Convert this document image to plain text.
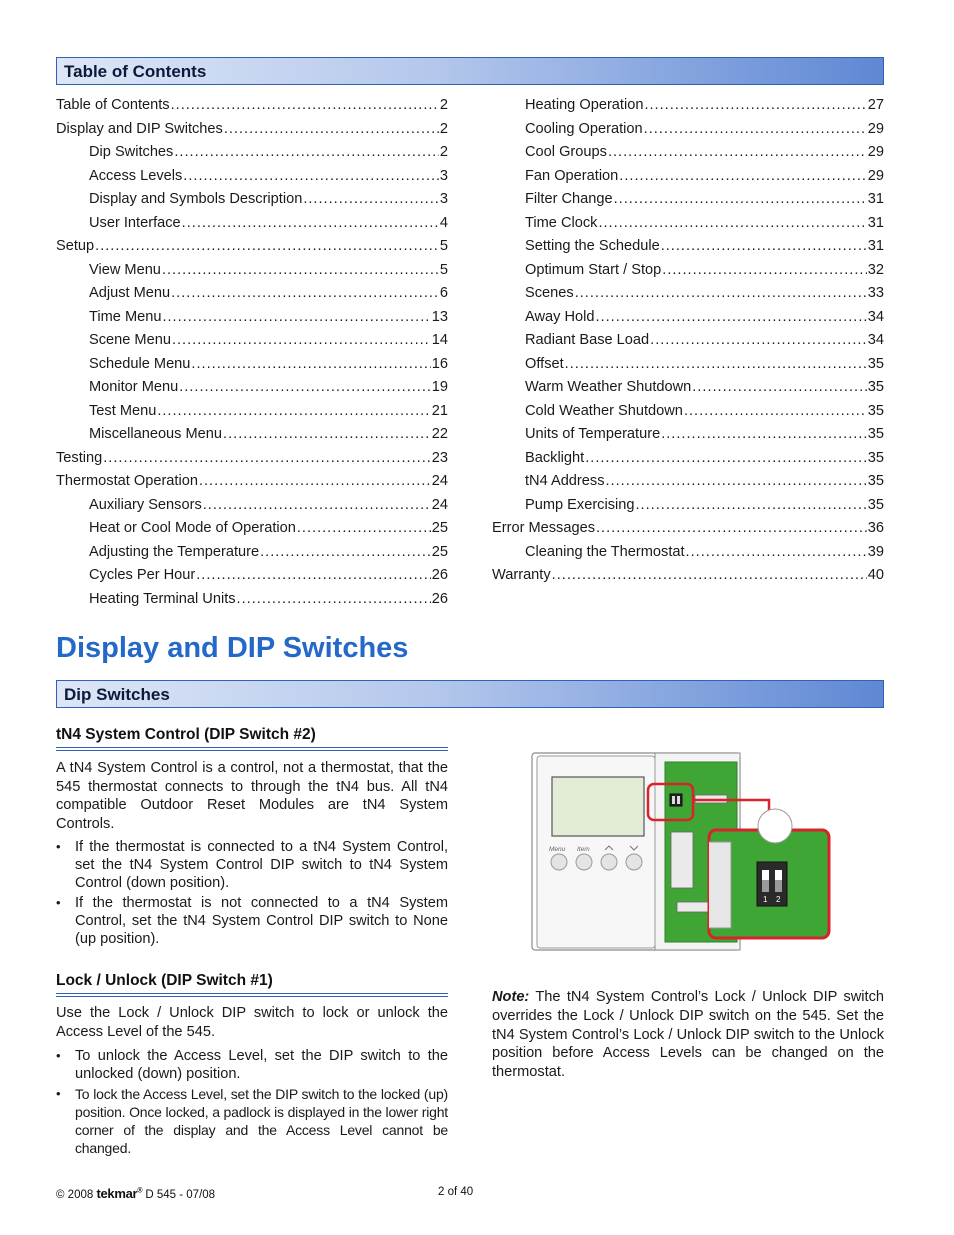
Table of Contents
Table of Contents .....	2
Display and DIP Switches .....	2
Dip Switches .....	2
Access Levels .....	3
Display and Symbols Description .....	3
User Interface .....	4
Setup .....	5
View Menu .....	5
Adjust Menu .....	6
Time Menu .....	13
Scene Menu .....	14
Schedule Menu .....	16
Monitor Menu .....	19
Test Menu .....	21
Miscellaneous Menu .....	22
Testing .....	23
Thermostat Operation .....	24
Auxiliary Sensors .....	24
Heat or Cool Mode of Operation .....	25
Adjusting the Temperature .....	25
Cycles Per Hour .....	26
Heating Terminal Units .....	26
Heating Operation .....	27
Cooling Operation .....	29
Cool Groups .....	29
Fan Operation .....	29
Filter Change .....	31
Time Clock .....	31
Setting the Schedule .....	31
Optimum Start / Stop .....	32
Scenes .....	33
Away Hold .....	34
Radiant Base Load .....	34
Offset .....	35
Warm Weather Shutdown .....	35
Cold Weather Shutdown .....	35
Units of Temperature .....	35
Backlight .....	35
tN4 Address .....	35
Pump Exercising .....	35
Error Messages .....	36
Cleaning the Thermostat .....	39
Warranty .....	40
Display and DIP Switches
Dip Switches
tN4 System Control (DIP Switch #2)
A tN4 System Control is a control, not a thermostat, that the 545 thermostat connects to through the tN4 bus. All tN4 compatible Outdoor Reset Modules are tN4 System Controls.
• If the thermostat is connected to a tN4 System Control, set the tN4 System Control DIP switch to tN4 System Control (down position).
• If the thermostat is not connected to a tN4 System Control, set the tN4 System Control DIP switch to None (up position).
Lock / Unlock (DIP Switch #1)
Use the Lock / Unlock DIP switch to lock or unlock the Access Level of the 545.
• To unlock the Access Level, set the DIP switch to the unlocked (down) position.
• To lock the Access Level, set the DIP switch to the locked (up) position. Once locked, a padlock is displayed in the lower right corner of the display and the Access Level cannot be changed.
Menu Item
1 2
Note: The tN4 System Control’s Lock / Unlock DIP switch overrides the Lock / Unlock DIP switch on the 545. Set the tN4 System Control’s Lock / Unlock DIP switch to the Unlock position before Access Levels can be changed on the thermostat.
© 2008 tekmar® D 545 - 07/08	2 of 40
